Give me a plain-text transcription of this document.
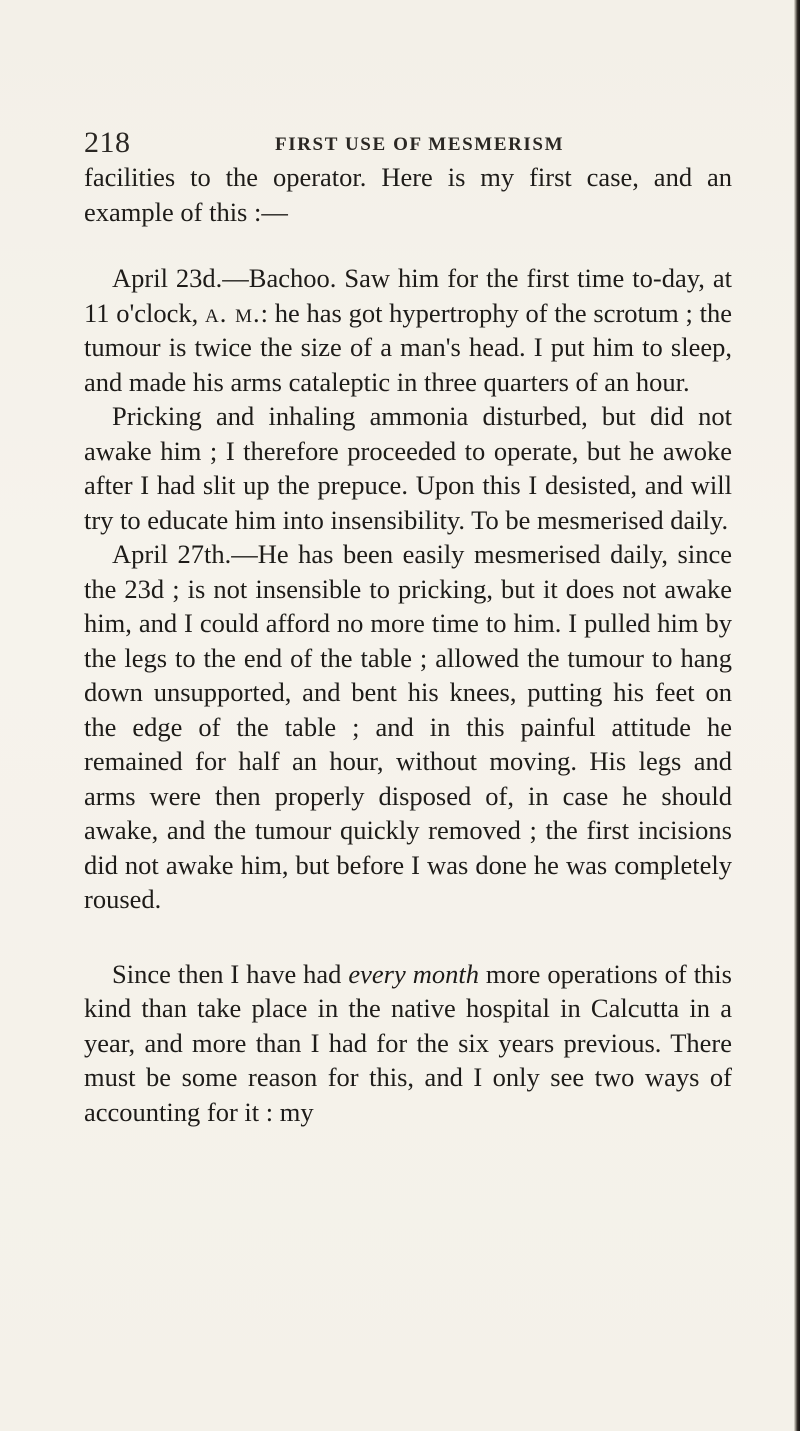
218	FIRST USE OF MESMERISM

facilities to the operator. Here is my first case, and an example of this :—

April 23d.—Bachoo. Saw him for the first time to-day, at 11 o'clock, a. m.: he has got hypertrophy of the scrotum ; the tumour is twice the size of a man's head. I put him to sleep, and made his arms cataleptic in three quarters of an hour.

Pricking and inhaling ammonia disturbed, but did not awake him ; I therefore proceeded to operate, but he awoke after I had slit up the prepuce. Upon this I desisted, and will try to educate him into insensibility. To be mesmerised daily.

April 27th.—He has been easily mesmerised daily, since the 23d ; is not insensible to pricking, but it does not awake him, and I could afford no more time to him. I pulled him by the legs to the end of the table ; allowed the tumour to hang down unsupported, and bent his knees, putting his feet on the edge of the table ; and in this painful attitude he remained for half an hour, without moving. His legs and arms were then properly disposed of, in case he should awake, and the tumour quickly removed ; the first incisions did not awake him, but before I was done he was completely roused.

Since then I have had every month more operations of this kind than take place in the native hospital in Calcutta in a year, and more than I had for the six years previous. There must be some reason for this, and I only see two ways of accounting for it : my
